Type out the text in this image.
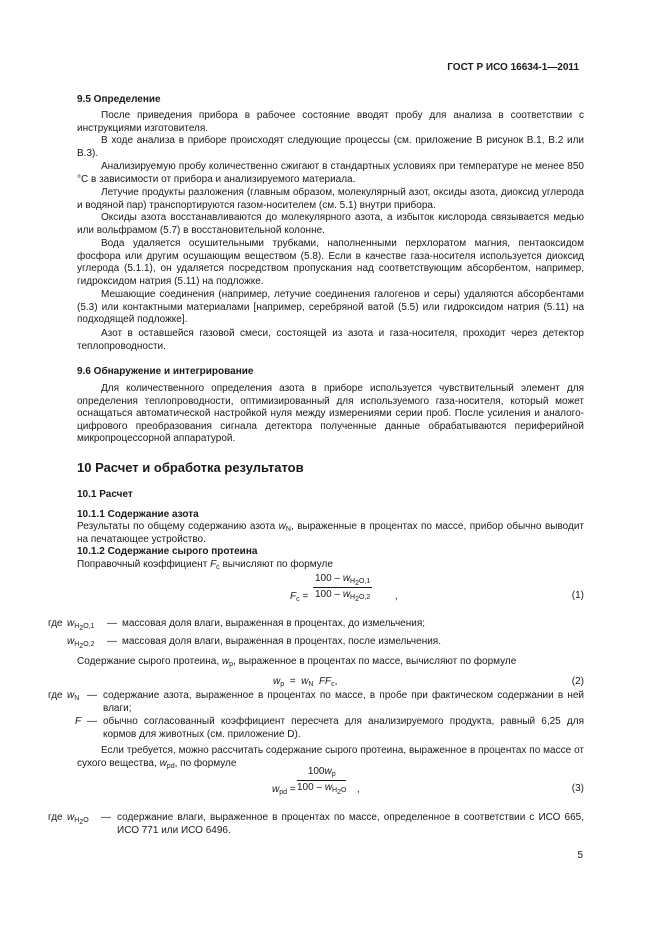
ГОСТ Р ИСО 16634-1—2011
9.5 Определение
После приведения прибора в рабочее состояние вводят пробу для анализа в соответствии с инструкциями изготовителя.
В ходе анализа в приборе происходят следующие процессы (см. приложение В рисунок В.1, В.2 или В.3).
Анализируемую пробу количественно сжигают в стандартных условиях при температуре не менее 850 °С в зависимости от прибора и анализируемого материала.
Летучие продукты разложения (главным образом, молекулярный азот, оксиды азота, диоксид углерода и водяной пар) транспортируются газом-носителем (см. 5.1) внутри прибора.
Оксиды азота восстанавливаются до молекулярного азота, а избыток кислорода связывается медью или вольфрамом (5.7) в восстановительной колонне.
Вода удаляется осушительными трубками, наполненными перхлоратом магния, пентаоксидом фосфора или другим осушающим веществом (5.8). Если в качестве газа-носителя используется диоксид углерода (5.1.1), он удаляется посредством пропускания над соответствующим абсорбентом, например, гидроксидом натрия (5.11) на подложке.
Мешающие соединения (например, летучие соединения галогенов и серы) удаляются абсорбентами (5.3) или контактными материалами [например, серебряной ватой (5.5) или гидроксидом натрия (5.11) на подходящей подложке].
Азот в оставшейся газовой смеси, состоящей из азота и газа-носителя, проходит через детектор теплопроводности.
9.6 Обнаружение и интегрирование
Для количественного определения азота в приборе используется чувствительный элемент для определения теплопроводности, оптимизированный для используемого газа-носителя, который может оснащаться автоматической настройкой нуля между измерениями серии проб. После усиления и аналого-цифрового преобразования сигнала детектора полученные данные обрабатываются периферийной микропроцессорной аппаратурой.
10 Расчет и обработка результатов
10.1 Расчет
10.1.1 Содержание азота
Результаты по общему содержанию азота $w_N$, выраженные в процентах по массе, прибор обычно выводит на печатающее устройство.
10.1.2 Содержание сырого протеина
Поправочный коэффициент $F_c$ вычисляют по формуле
$F_c = \frac{100 - w_{H_2O,1}}{100 - w_{H_2O,2}}$ ,	(1)
где $w_{H_2O,1}$ — массовая доля влаги, выраженная в процентах, до измельчения;
$w_{H_2O,2}$ — массовая доля влаги, выраженная в процентах, после измельчения.
Содержание сырого протеина, $w_p$, выраженное в процентах по массе, вычисляют по формуле
$w_p = w_N$ $FF_c$,	(2)
где $w_N$ — содержание азота, выраженное в процентах по массе, в пробе при фактическом содержании в ней влаги;
F — обычно согласованный коэффициент пересчета для анализируемого продукта, равный 6,25 для кормов для животных (см. приложение D).
Если требуется, можно рассчитать содержание сырого протеина, выраженное в процентах по массе от сухого вещества, $w_{pd}$, по формуле
$w_{pd} = \frac{100w_p}{100 - w_{H_2O}}$ ,	(3)
где $w_{H_2O}$ — содержание влаги, выраженное в процентах по массе, определенное в соответствии с ИСО 665, ИСО 771 или ИСО 6496.
5
